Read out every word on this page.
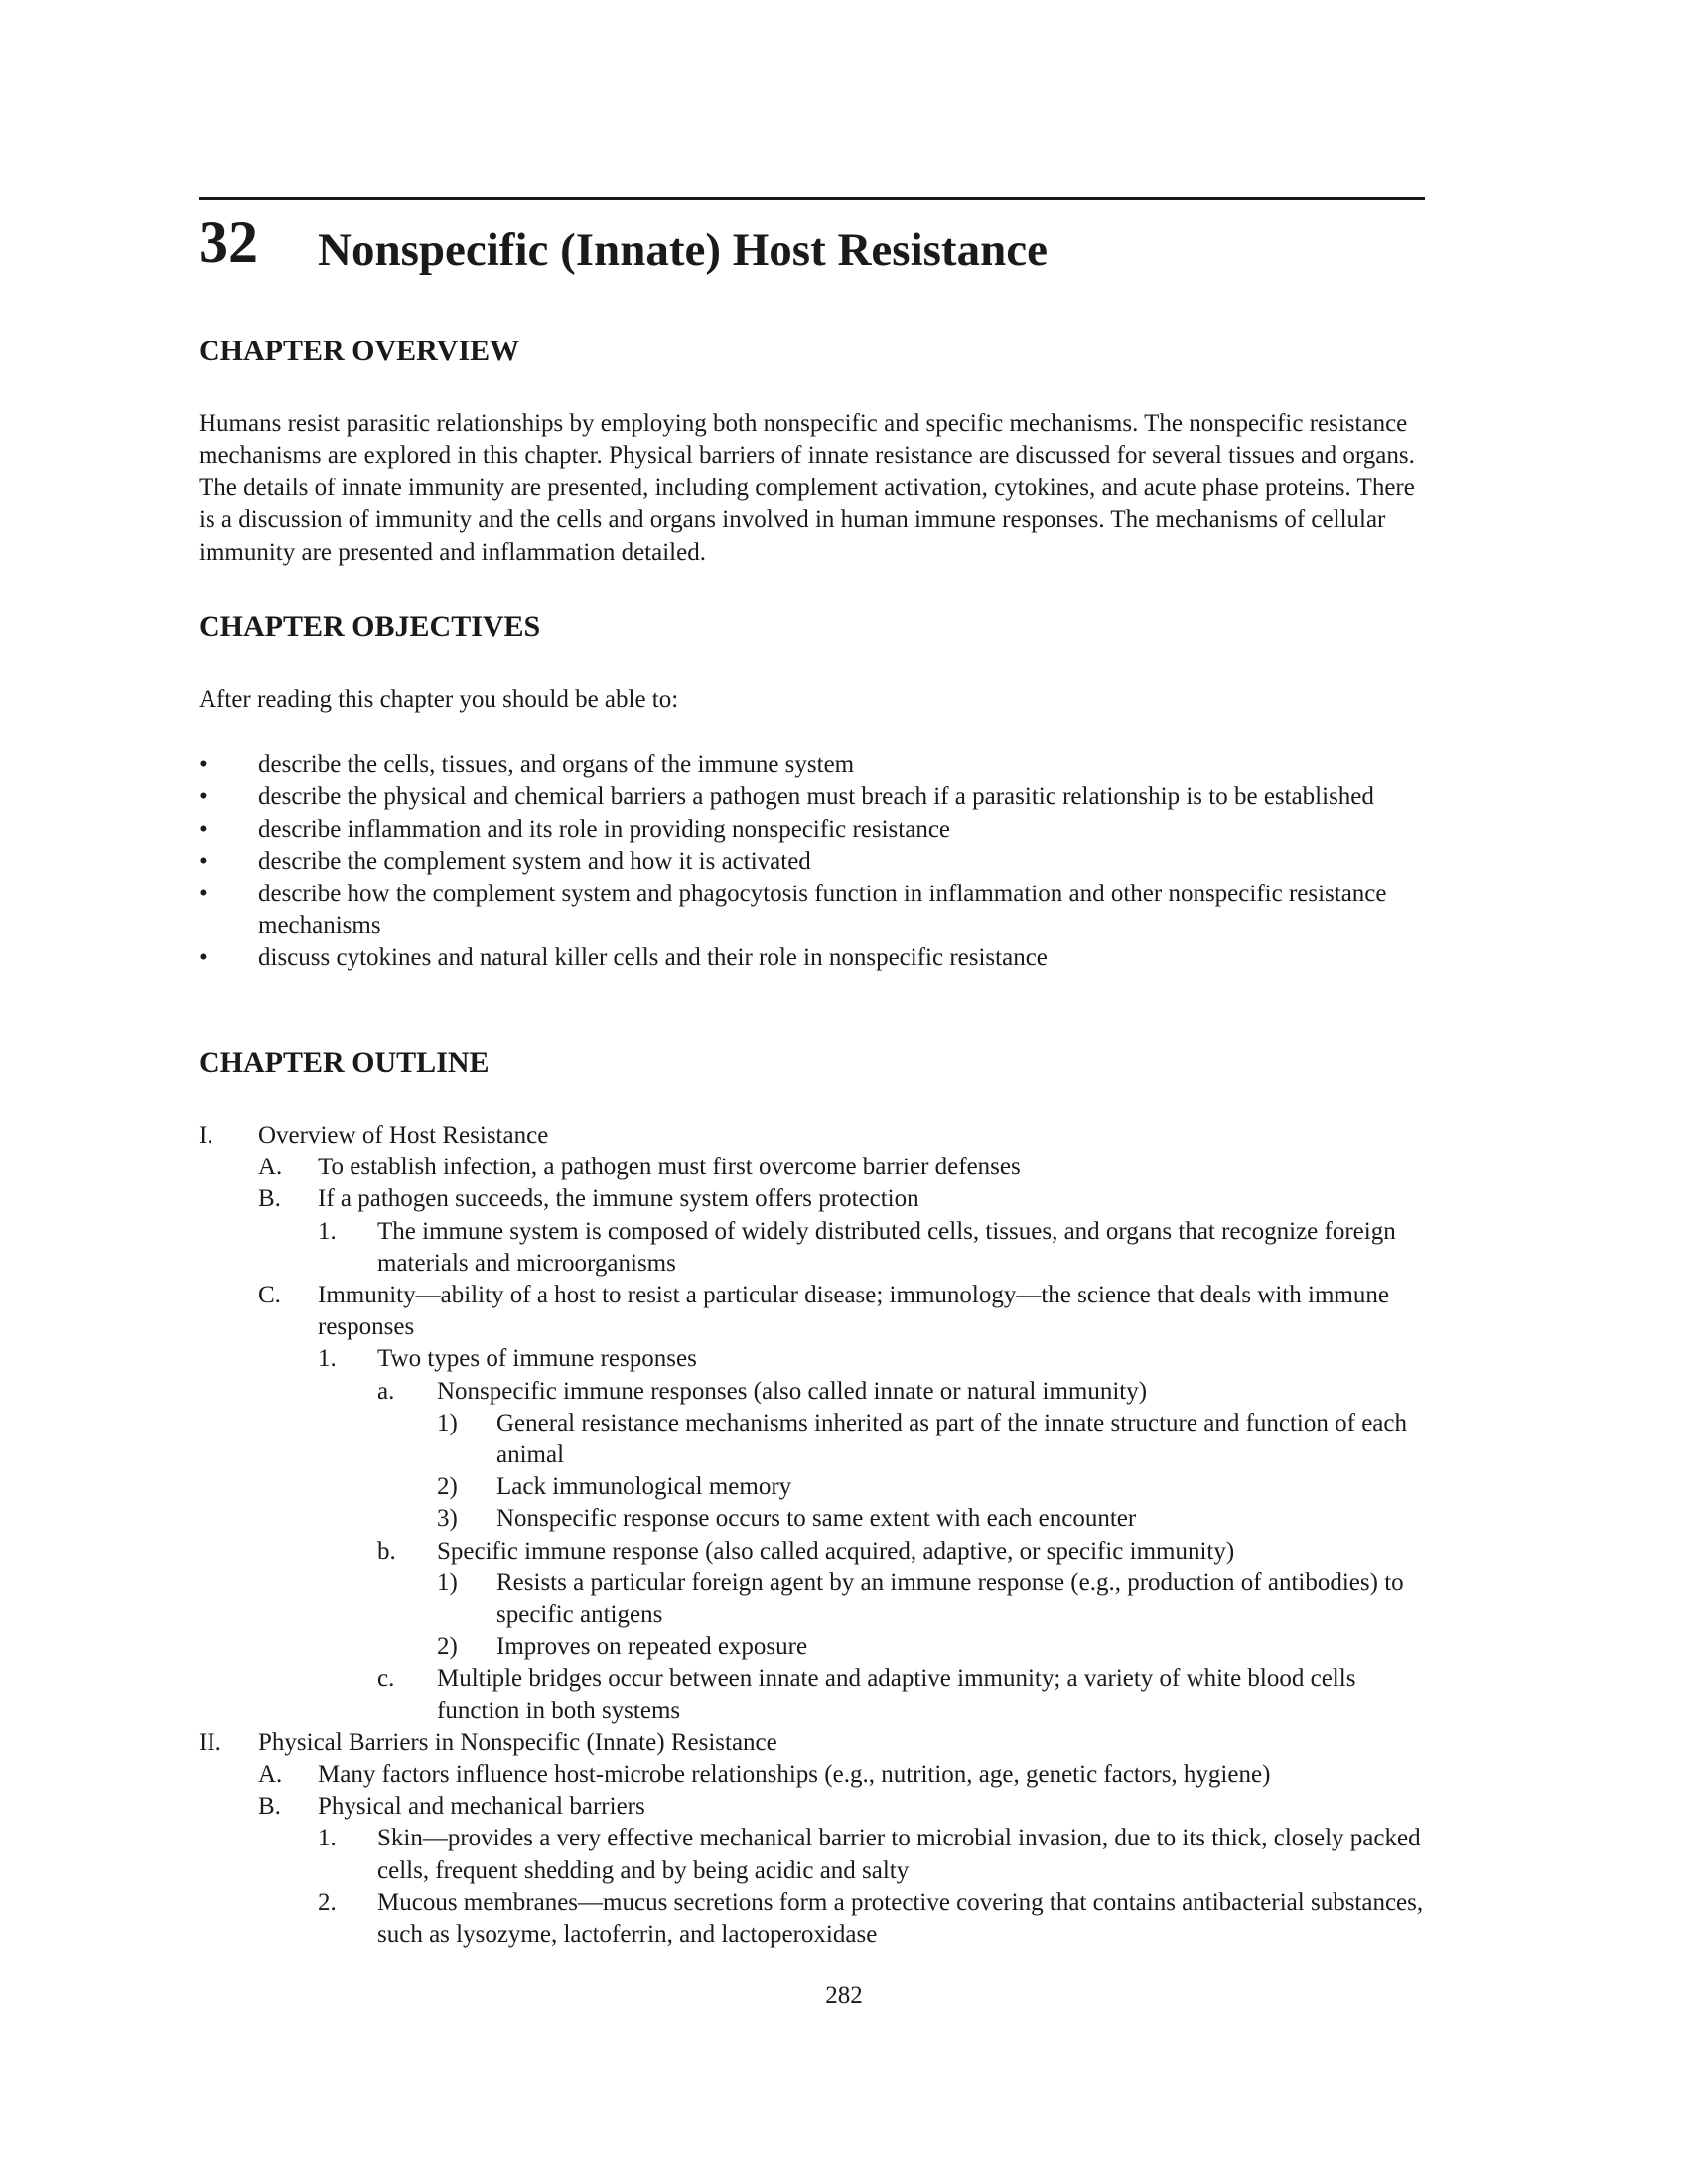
32 Nonspecific (Innate) Host Resistance
CHAPTER OVERVIEW
Humans resist parasitic relationships by employing both nonspecific and specific mechanisms. The nonspecific resistance mechanisms are explored in this chapter. Physical barriers of innate resistance are discussed for several tissues and organs. The details of innate immunity are presented, including complement activation, cytokines, and acute phase proteins. There is a discussion of immunity and the cells and organs involved in human immune responses. The mechanisms of cellular immunity are presented and inflammation detailed.
CHAPTER OBJECTIVES
After reading this chapter you should be able to:
• describe the cells, tissues, and organs of the immune system
• describe the physical and chemical barriers a pathogen must breach if a parasitic relationship is to be established
• describe inflammation and its role in providing nonspecific resistance
• describe the complement system and how it is activated
• describe how the complement system and phagocytosis function in inflammation and other nonspecific resistance mechanisms
• discuss cytokines and natural killer cells and their role in nonspecific resistance
CHAPTER OUTLINE
I. Overview of Host Resistance
A. To establish infection, a pathogen must first overcome barrier defenses
B. If a pathogen succeeds, the immune system offers protection
1. The immune system is composed of widely distributed cells, tissues, and organs that recognize foreign materials and microorganisms
C. Immunity—ability of a host to resist a particular disease; immunology—the science that deals with immune responses
1. Two types of immune responses
a. Nonspecific immune responses (also called innate or natural immunity)
1) General resistance mechanisms inherited as part of the innate structure and function of each animal
2) Lack immunological memory
3) Nonspecific response occurs to same extent with each encounter
b. Specific immune response (also called acquired, adaptive, or specific immunity)
1) Resists a particular foreign agent by an immune response (e.g., production of antibodies) to specific antigens
2) Improves on repeated exposure
c. Multiple bridges occur between innate and adaptive immunity; a variety of white blood cells function in both systems
II. Physical Barriers in Nonspecific (Innate) Resistance
A. Many factors influence host-microbe relationships (e.g., nutrition, age, genetic factors, hygiene)
B. Physical and mechanical barriers
1. Skin—provides a very effective mechanical barrier to microbial invasion, due to its thick, closely packed cells, frequent shedding and by being acidic and salty
2. Mucous membranes—mucus secretions form a protective covering that contains antibacterial substances, such as lysozyme, lactoferrin, and lactoperoxidase
282
